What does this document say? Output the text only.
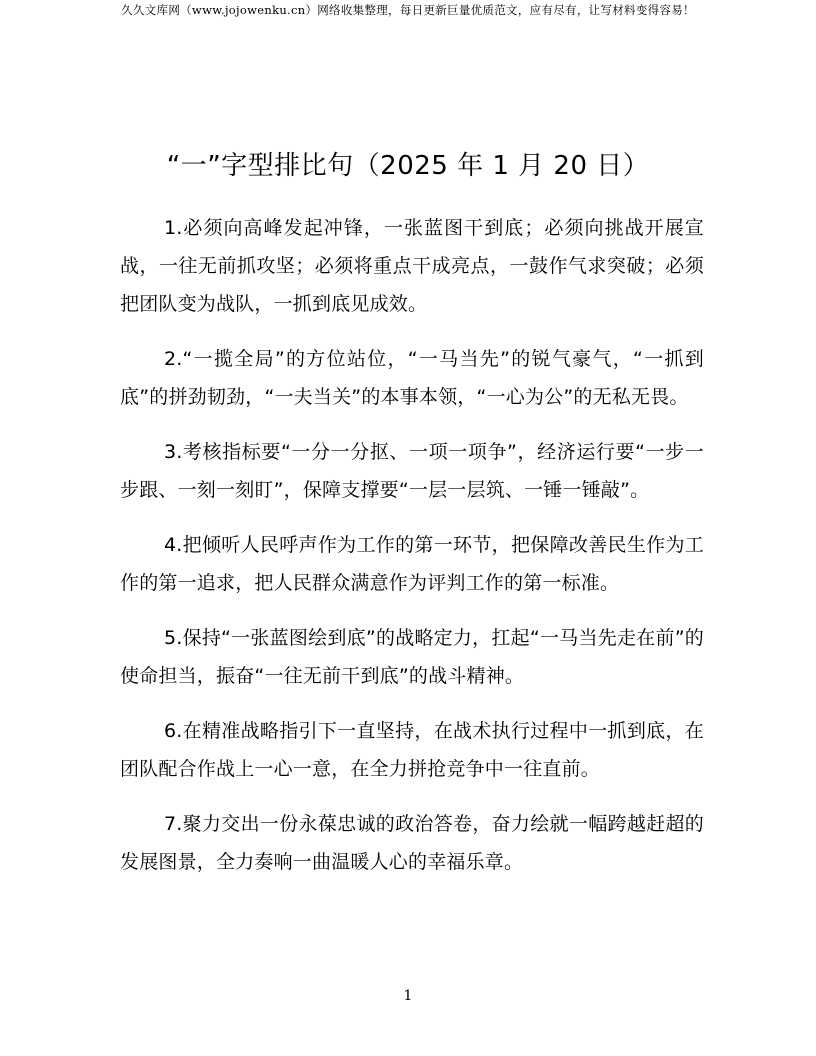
久久文库网（www.jojowenku.cn）网络收集整理，每日更新巨量优质范文，应有尽有，让写材料变得容易！
“一”字型排比句（2025 年 1 月 20 日）

1.必须向高峰发起冲锋，一张蓝图干到底；必须向挑战开展宣战，一往无前抓攻坚；必须将重点干成亮点，一鼓作气求突破；必须把团队变为战队，一抓到底见成效。

2.“一揽全局”的方位站位，“一马当先”的锐气豪气，“一抓到底”的拼劲韧劲，“一夫当关”的本事本领，“一心为公”的无私无畏。

3.考核指标要“一分一分抠、一项一项争”，经济运行要“一步一步跟、一刻一刻盯”，保障支撑要“一层一层筑、一锤一锤敲”。

4.把倾听人民呼声作为工作的第一环节，把保障改善民生作为工作的第一追求，把人民群众满意作为评判工作的第一标准。

5.保持“一张蓝图绘到底”的战略定力，扛起“一马当先走在前”的使命担当，振奋“一往无前干到底”的战斗精神。

6.在精准战略指引下一直坚持，在战术执行过程中一抓到底，在团队配合作战上一心一意，在全力拼抢竞争中一往直前。

7.聚力交出一份永葆忠诚的政治答卷，奋力绘就一幅跨越赶超的发展图景，全力奏响一曲温暖人心的幸福乐章。

1
